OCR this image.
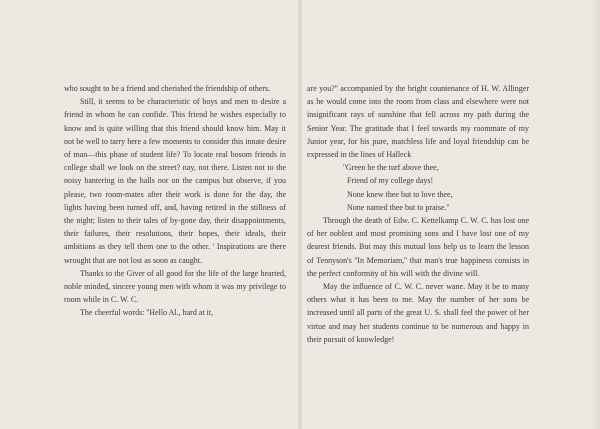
who sought to be a friend and cherished the friendship of others.

Still, it seems to be characteristic of boys and men to desire a friend in whom he can confide. This friend he wishes especially to know and is quite willing that this friend should know him. May it not be well to tarry here a few moments to consider this innate desire of man—this phase of student life? To locate real bosom friends in college shall we look on the street? nay, not there. Listen not to the noisy bantering in the halls nor on the campus but observe, if you please, two room-mates after their work is done for the day, the lights having been turned off, and, having retired in the stillness of the night; listen to their tales of by-gone day, their disappointments, their failures, their resolutions, their hopes, their ideals, their ambitions as they tell them one to the other. ' Inspirations are there wrought that are not lost as soon as caught.

Thanks to the Giver of all good for the life of the large hearted, noble minded, sincere young men with whom it was my privilege to room while in C. W. C.

The cheerful words: ''Hello Al., hard at it,

are you?'' accompanied by the bright countenance of H. W. Allinger as he would come into the room from class and elsewhere were not insignificant rays of sunshine that fell across my path during the Senior Year. The gratitude that I feel towards my roommate of my Junior year, for his pure, matchless life and loyal friendship can be expressed in the lines of Halleck

''Green be the turf above thee,
Friend of my college days!
None knew thee but to love thee,
None named thee but to praise.''

Through the death of Edw. C. Kettelkamp C. W. C. has lost one of her noblest and most promising sons and I have lost one of my dearest friends. But may this mutual loss help us to learn the lesson of Tennyson's ''In Memoriam,'' that man's true happiness consists in the perfect conformity of his will with the divine will.

May the influence of C. W. C. never wane. May it be to many others what it has been to me. May the number of her sons be increased until all parts of the great U. S. shall feel the power of her virtue and may her students continue to be numerous and happy in their pursuit of knowledge!
